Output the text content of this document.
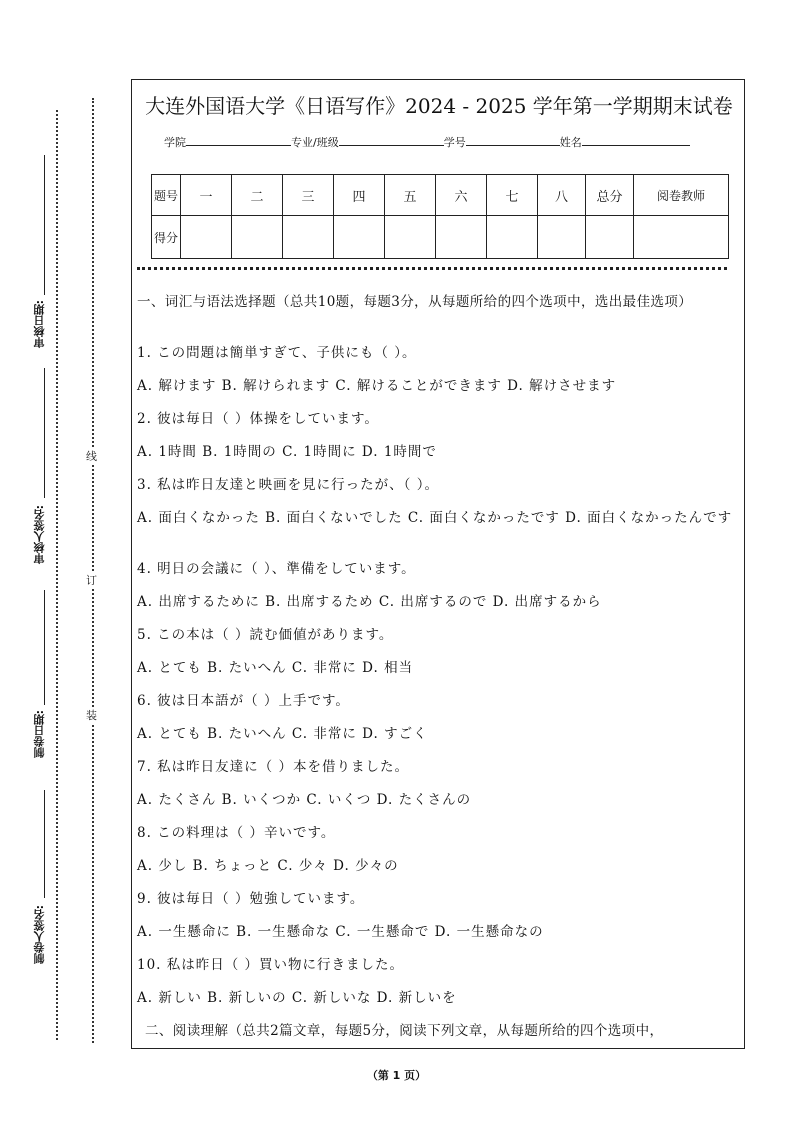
审核日期:
审核人签名:
制卷日期:
制卷人签名:
线
订
装
大连外国语大学《日语写作》2024 - 2025 学年第一学期期末试卷
学院	专业/班级	学号	姓名
题号	一	二	三	四	五	六	七	八	总分	阅卷教师
得分										
一、词汇与语法选择题（总共10题，每题3分，从每题所给的四个选项中，选出最佳选项）
1. この問題は簡単すぎて、子供にも（ ）。
A. 解けます B. 解けられます C. 解けることができます D. 解けさせます
2. 彼は毎日（ ）体操をしています。
A. 1時間 B. 1時間の C. 1時間に D. 1時間で
3. 私は昨日友達と映画を見に行ったが、（ ）。
A. 面白くなかった B. 面白くないでした C. 面白くなかったです D. 面白くなかったんです
4. 明日の会議に（ ）、準備をしています。
A. 出席するために B. 出席するため C. 出席するので D. 出席するから
5. この本は（ ）読む価値があります。
A. とても B. たいへん C. 非常に D. 相当
6. 彼は日本語が（ ）上手です。
A. とても B. たいへん C. 非常に D. すごく
7. 私は昨日友達に（ ）本を借りました。
A. たくさん B. いくつか C. いくつ D. たくさんの
8. この料理は（ ）辛いです。
A. 少し B. ちょっと C. 少々 D. 少々の
9. 彼は毎日（ ）勉強しています。
A. 一生懸命に B. 一生懸命な C. 一生懸命で D. 一生懸命なの
10. 私は昨日（ ）買い物に行きました。
A. 新しい B. 新しいの C. 新しいな D. 新しいを
二、阅读理解（总共2篇文章，每题5分，阅读下列文章，从每题所给的四个选项中，
（第 1 页）
